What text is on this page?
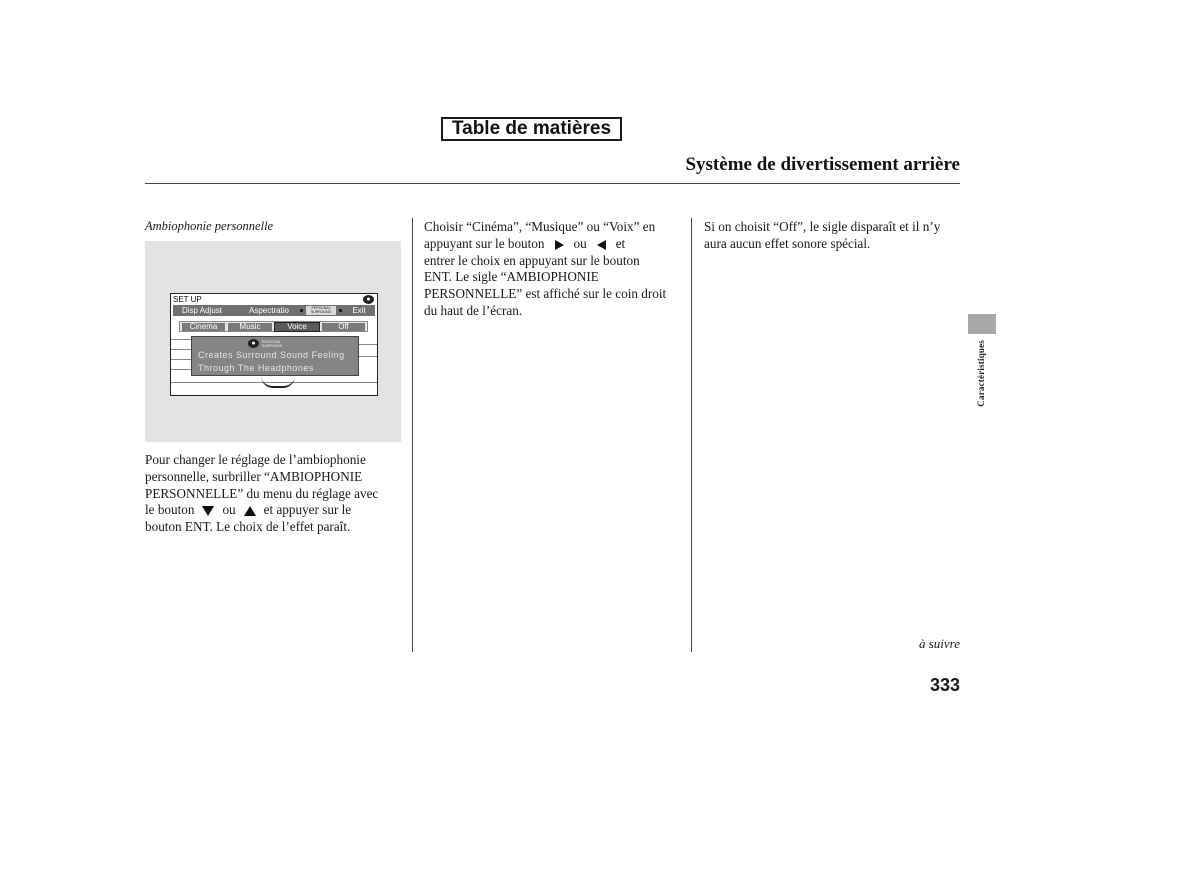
Table de matières
Système de divertissement arrière
Ambiophonie personnelle
SET UP	●
Disp Adjust	Aspectratio	PERSONAL SURROUND	Exit
Cinema	Music	Voice	Off
●	PERSONAL SURROUND
Creates Surround Sound Feeling
Through The Headphones

Pour changer le réglage de l’ambiophonie

personnelle, surbriller “AMBIOPHONIE

PERSONNELLE” du menu du réglage avec

le bouton ou et appuyer sur le

bouton ENT. Le choix de l’effet paraît.

Choisir “Cinéma”, “Musique” ou “Voix” en

appuyant sur le bouton ou et

entrer le choix en appuyant sur le bouton

ENT. Le sigle “AMBIOPHONIE

PERSONNELLE” est affiché sur le coin droit

du haut de l’écran.

Si on choisit “Off”, le sigle disparaît et il n’y

aura aucun effet sonore spécial.

Caractéristiques
à suivre
333
